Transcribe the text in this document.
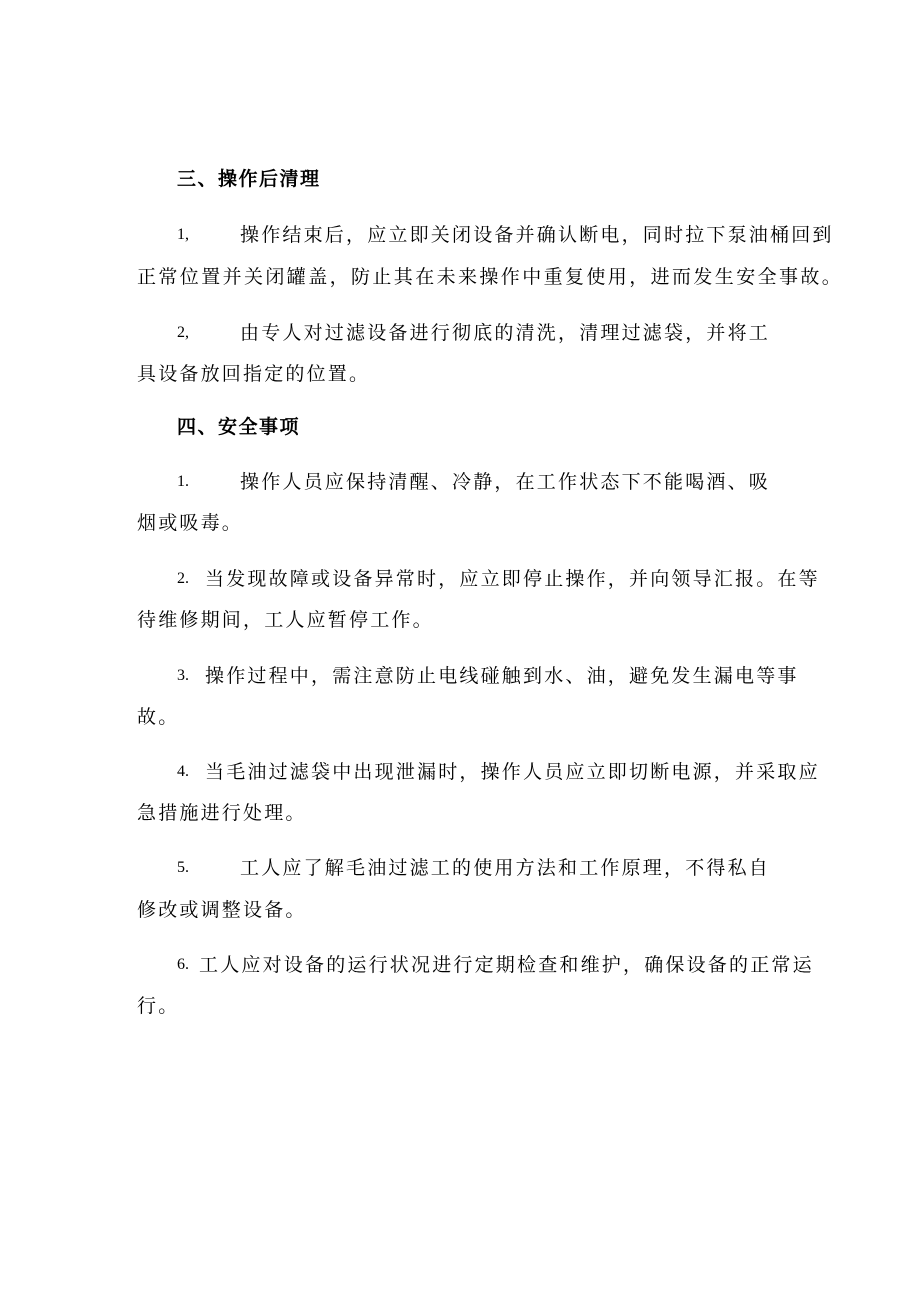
三、操作后清理
1,	操作结束后，应立即关闭设备并确认断电，同时拉下泵油桶回到
正常位置并关闭罐盖，防止其在未来操作中重复使用，进而发生安全事故。
2,	由专人对过滤设备进行彻底的清洗，清理过滤袋，并将工
具设备放回指定的位置。
四、安全事项
1.	操作人员应保持清醒、冷静，在工作状态下不能喝酒、吸
烟或吸毒。
2. 当发现故障或设备异常时，应立即停止操作，并向领导汇报。在等
待维修期间，工人应暂停工作。
3. 操作过程中，需注意防止电线碰触到水、油，避免发生漏电等事
故。
4. 当毛油过滤袋中出现泄漏时，操作人员应立即切断电源，并采取应
急措施进行处理。
5.	工人应了解毛油过滤工的使用方法和工作原理，不得私自
修改或调整设备。
6. 工人应对设备的运行状况进行定期检查和维护，确保设备的正常运
行。
